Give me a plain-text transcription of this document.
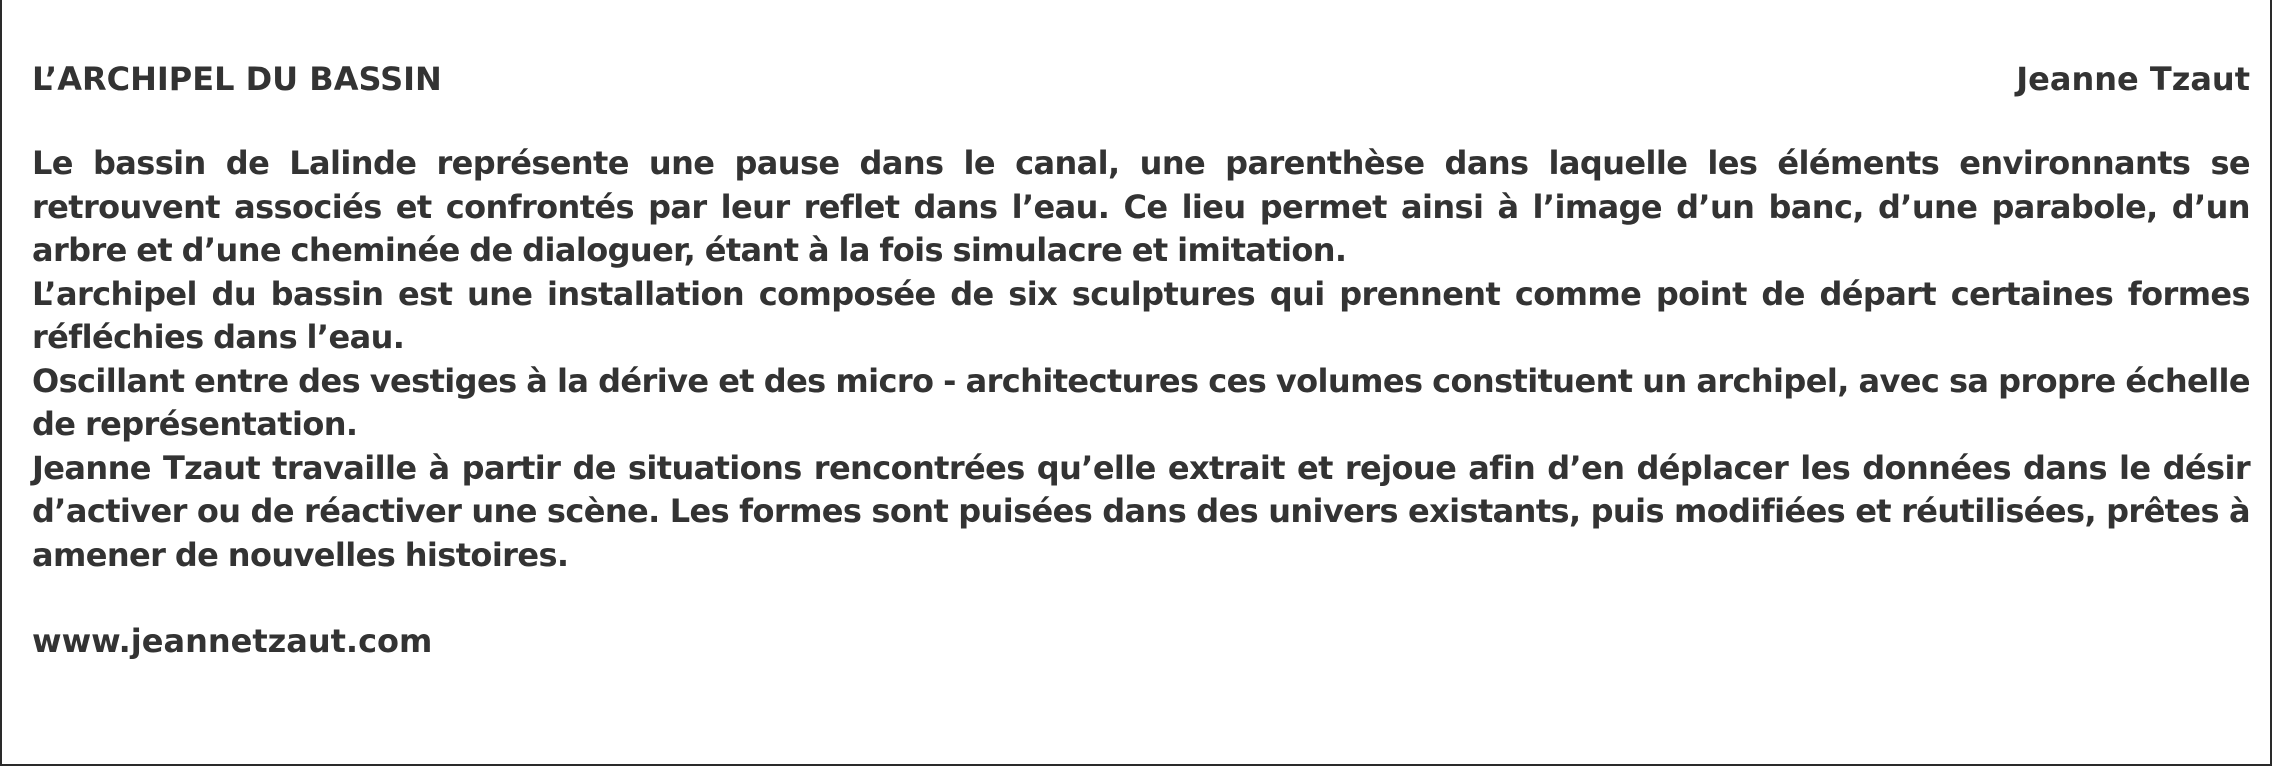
L’ARCHIPEL DU BASSIN	Jeanne Tzaut

Le bassin de Lalinde représente une pause dans le canal, une parenthèse dans laquelle les éléments environnants se retrouvent associés et confrontés par leur reflet dans l’eau. Ce lieu permet ainsi à l’image d’un banc, d’une parabole, d’un arbre et d’une cheminée de dialoguer, étant à la fois simulacre et imitation.

L’archipel du bassin est une installation composée de six sculptures qui prennent comme point de départ certaines formes réfléchies dans l’eau.

Oscillant entre des vestiges à la dérive et des micro - architectures ces volumes constituent un archipel, avec sa propre échelle de représentation.

Jeanne Tzaut travaille à partir de situations rencontrées qu’elle extrait et rejoue afin d’en déplacer les données dans le désir d’activer ou de réactiver une scène. Les formes sont puisées dans des univers existants, puis modifiées et réutilisées, prêtes à amener de nouvelles histoires.

www.jeannetzaut.com
